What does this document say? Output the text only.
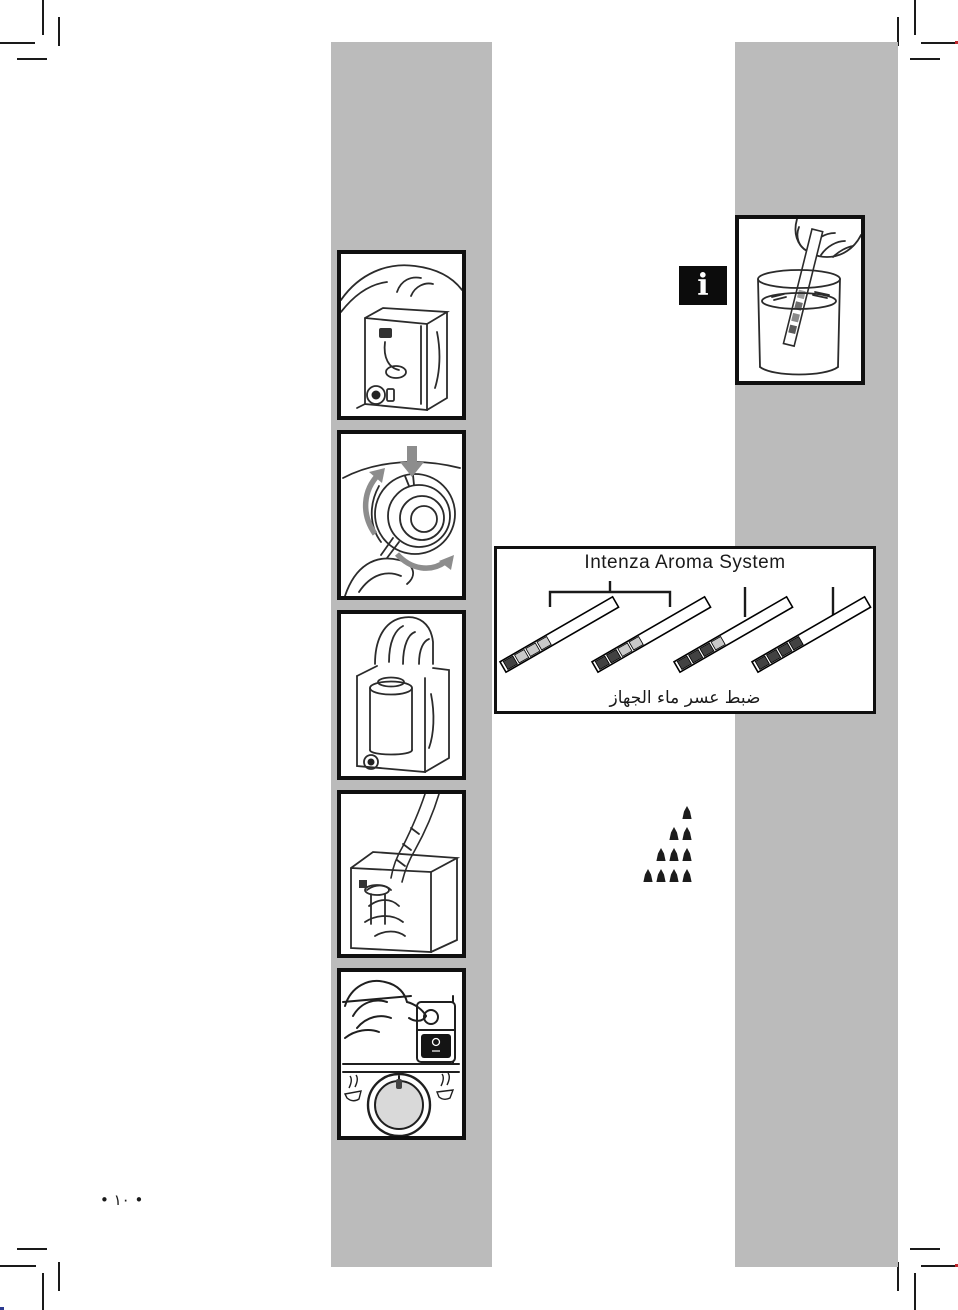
i
Intenza Aroma System
ضبط عسر ماء الجهاز
• ١٠ •
